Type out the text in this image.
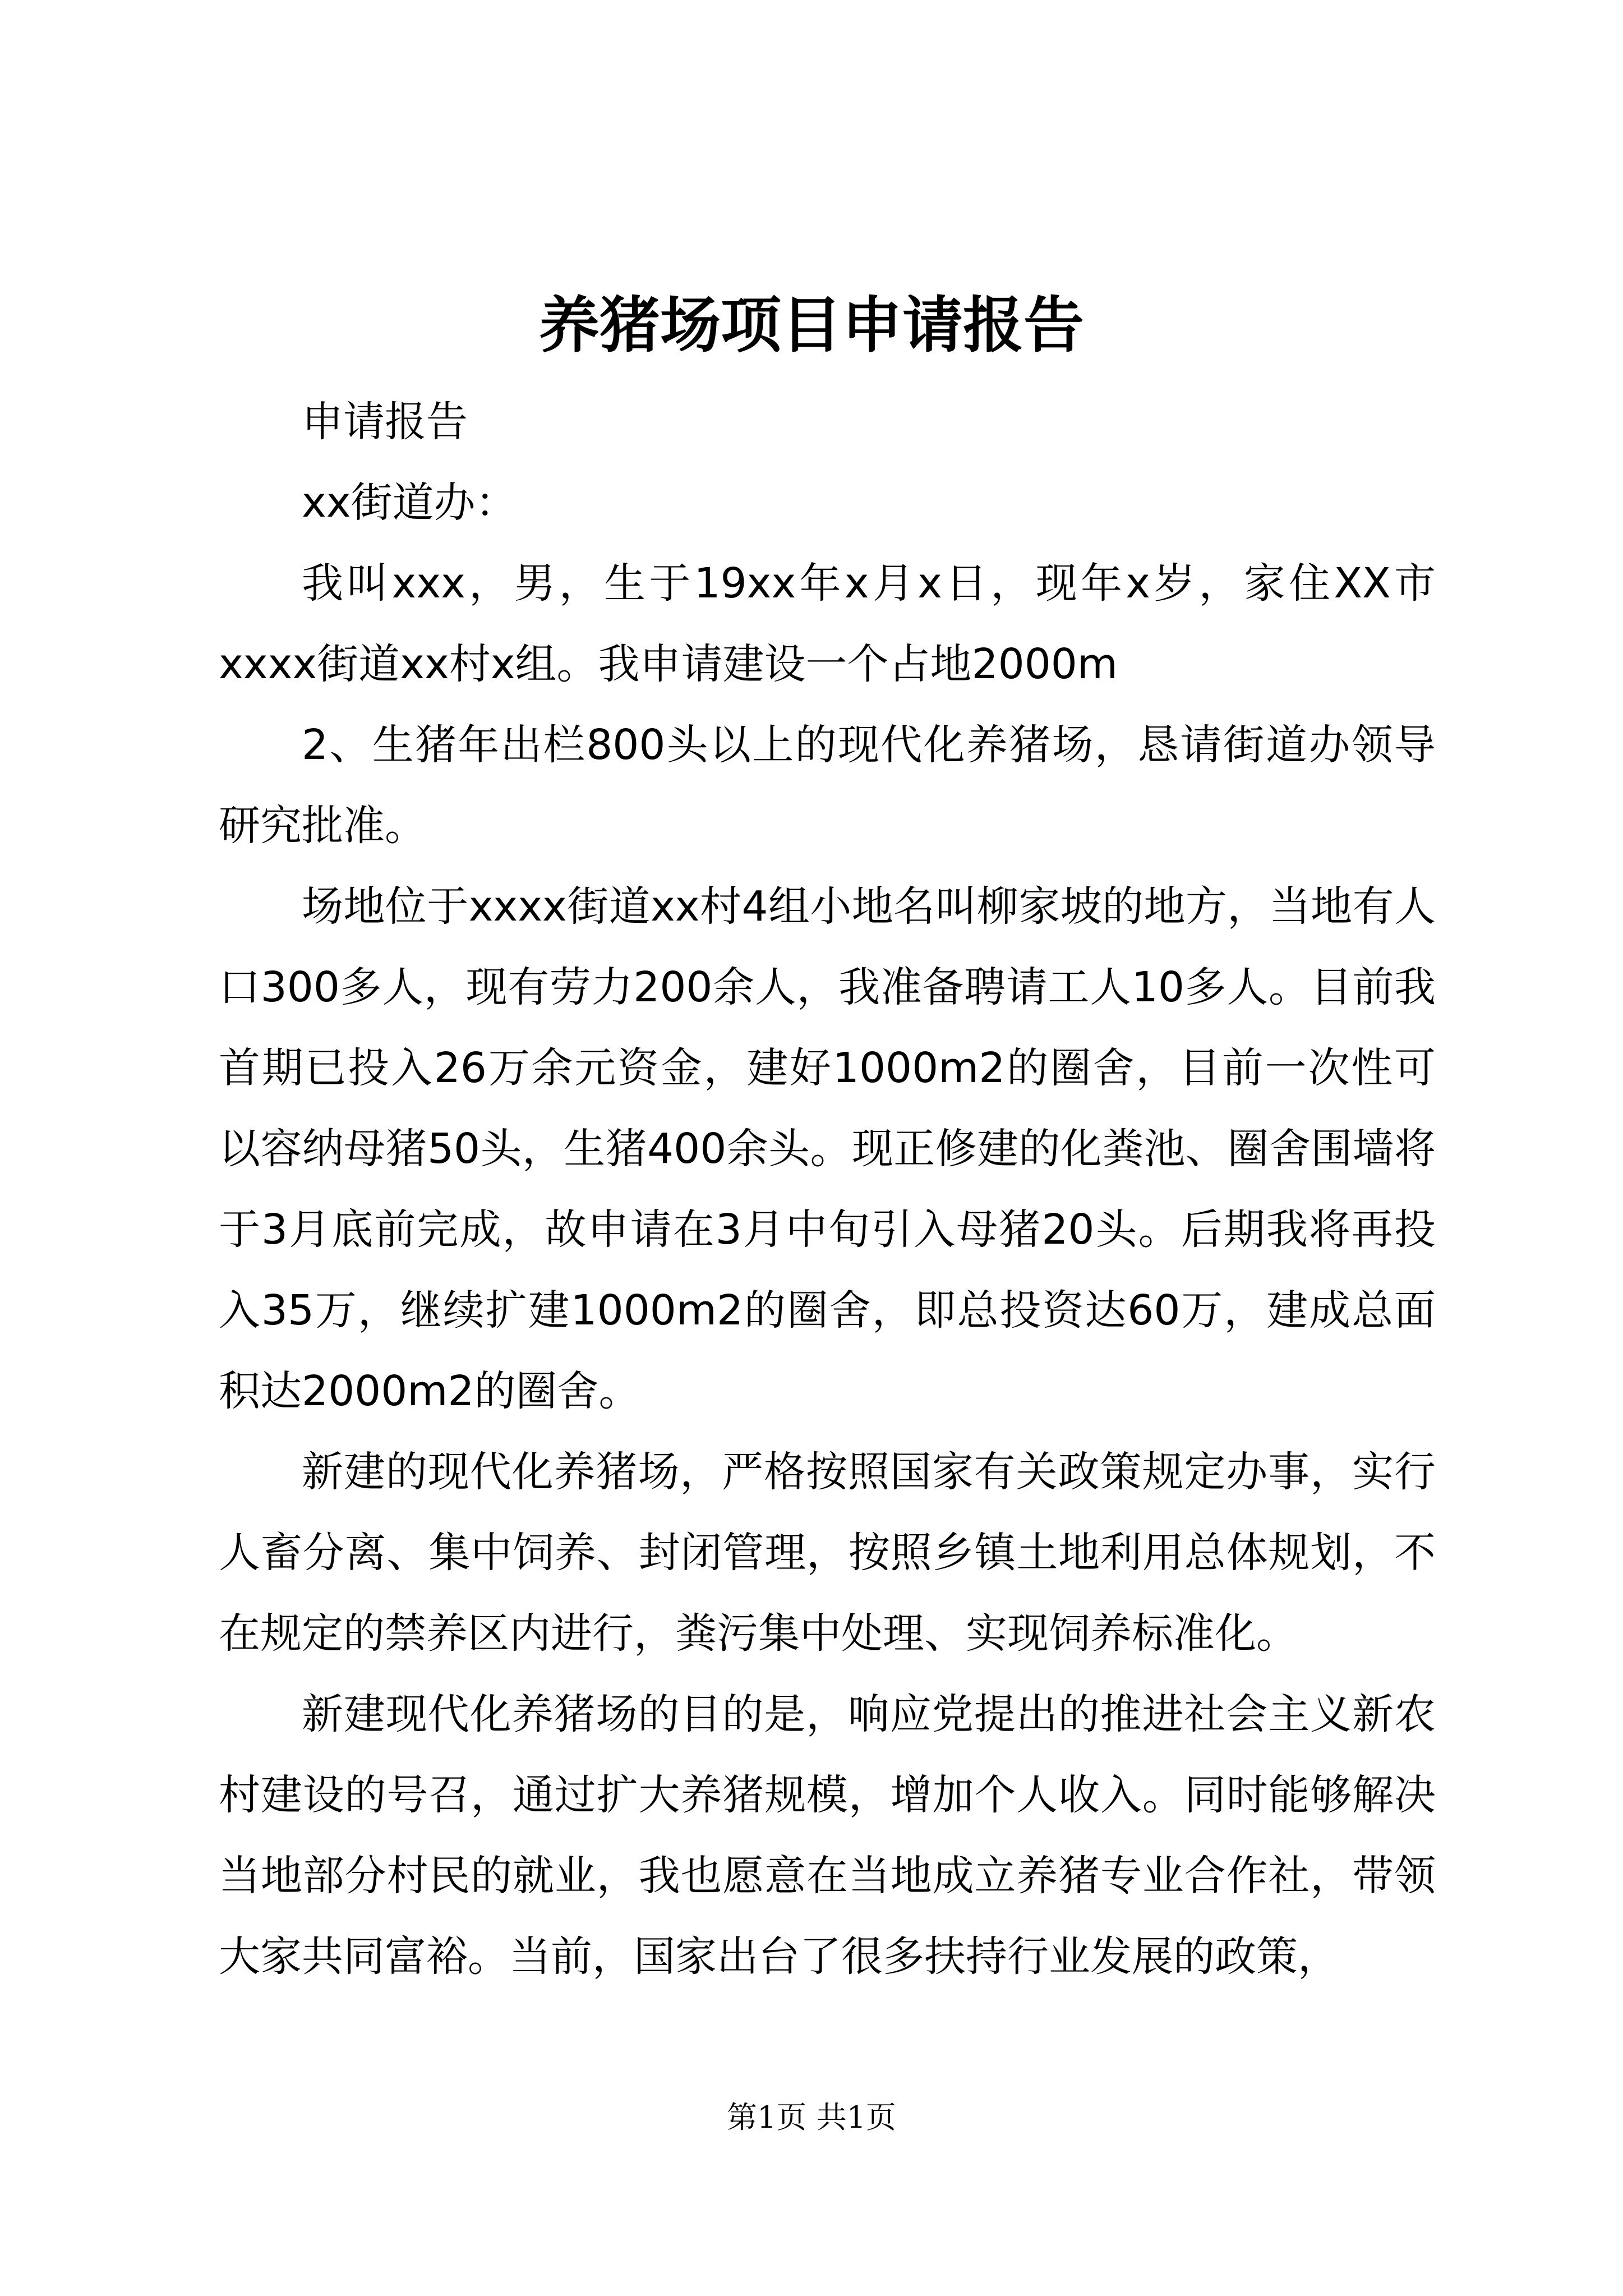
养猪场项目申请报告

申请报告

xx街道办：

我叫xxx，男，生于19xx年x月x日，现年x岁，家住XX市xxxx街道xx村x组。我申请建设一个占地2000m

2、生猪年出栏800头以上的现代化养猪场，恳请街道办领导研究批准。

场地位于xxxx街道xx村4组小地名叫柳家坡的地方，当地有人口300多人，现有劳力200余人，我准备聘请工人10多人。目前我首期已投入26万余元资金，建好1000m2的圈舍，目前一次性可以容纳母猪50头，生猪400余头。现正修建的化粪池、圈舍围墙将于3月底前完成，故申请在3月中旬引入母猪20头。后期我将再投入35万，继续扩建1000m2的圈舍，即总投资达60万，建成总面积达2000m2的圈舍。

新建的现代化养猪场，严格按照国家有关政策规定办事，实行人畜分离、集中饲养、封闭管理，按照乡镇土地利用总体规划，不在规定的禁养区内进行，粪污集中处理、实现饲养标准化。

新建现代化养猪场的目的是，响应党提出的推进社会主义新农村建设的号召，通过扩大养猪规模，增加个人收入。同时能够解决当地部分村民的就业，我也愿意在当地成立养猪专业合作社，带领大家共同富裕。当前，国家出台了很多扶持行业发展的政策，

第1页 共1页
